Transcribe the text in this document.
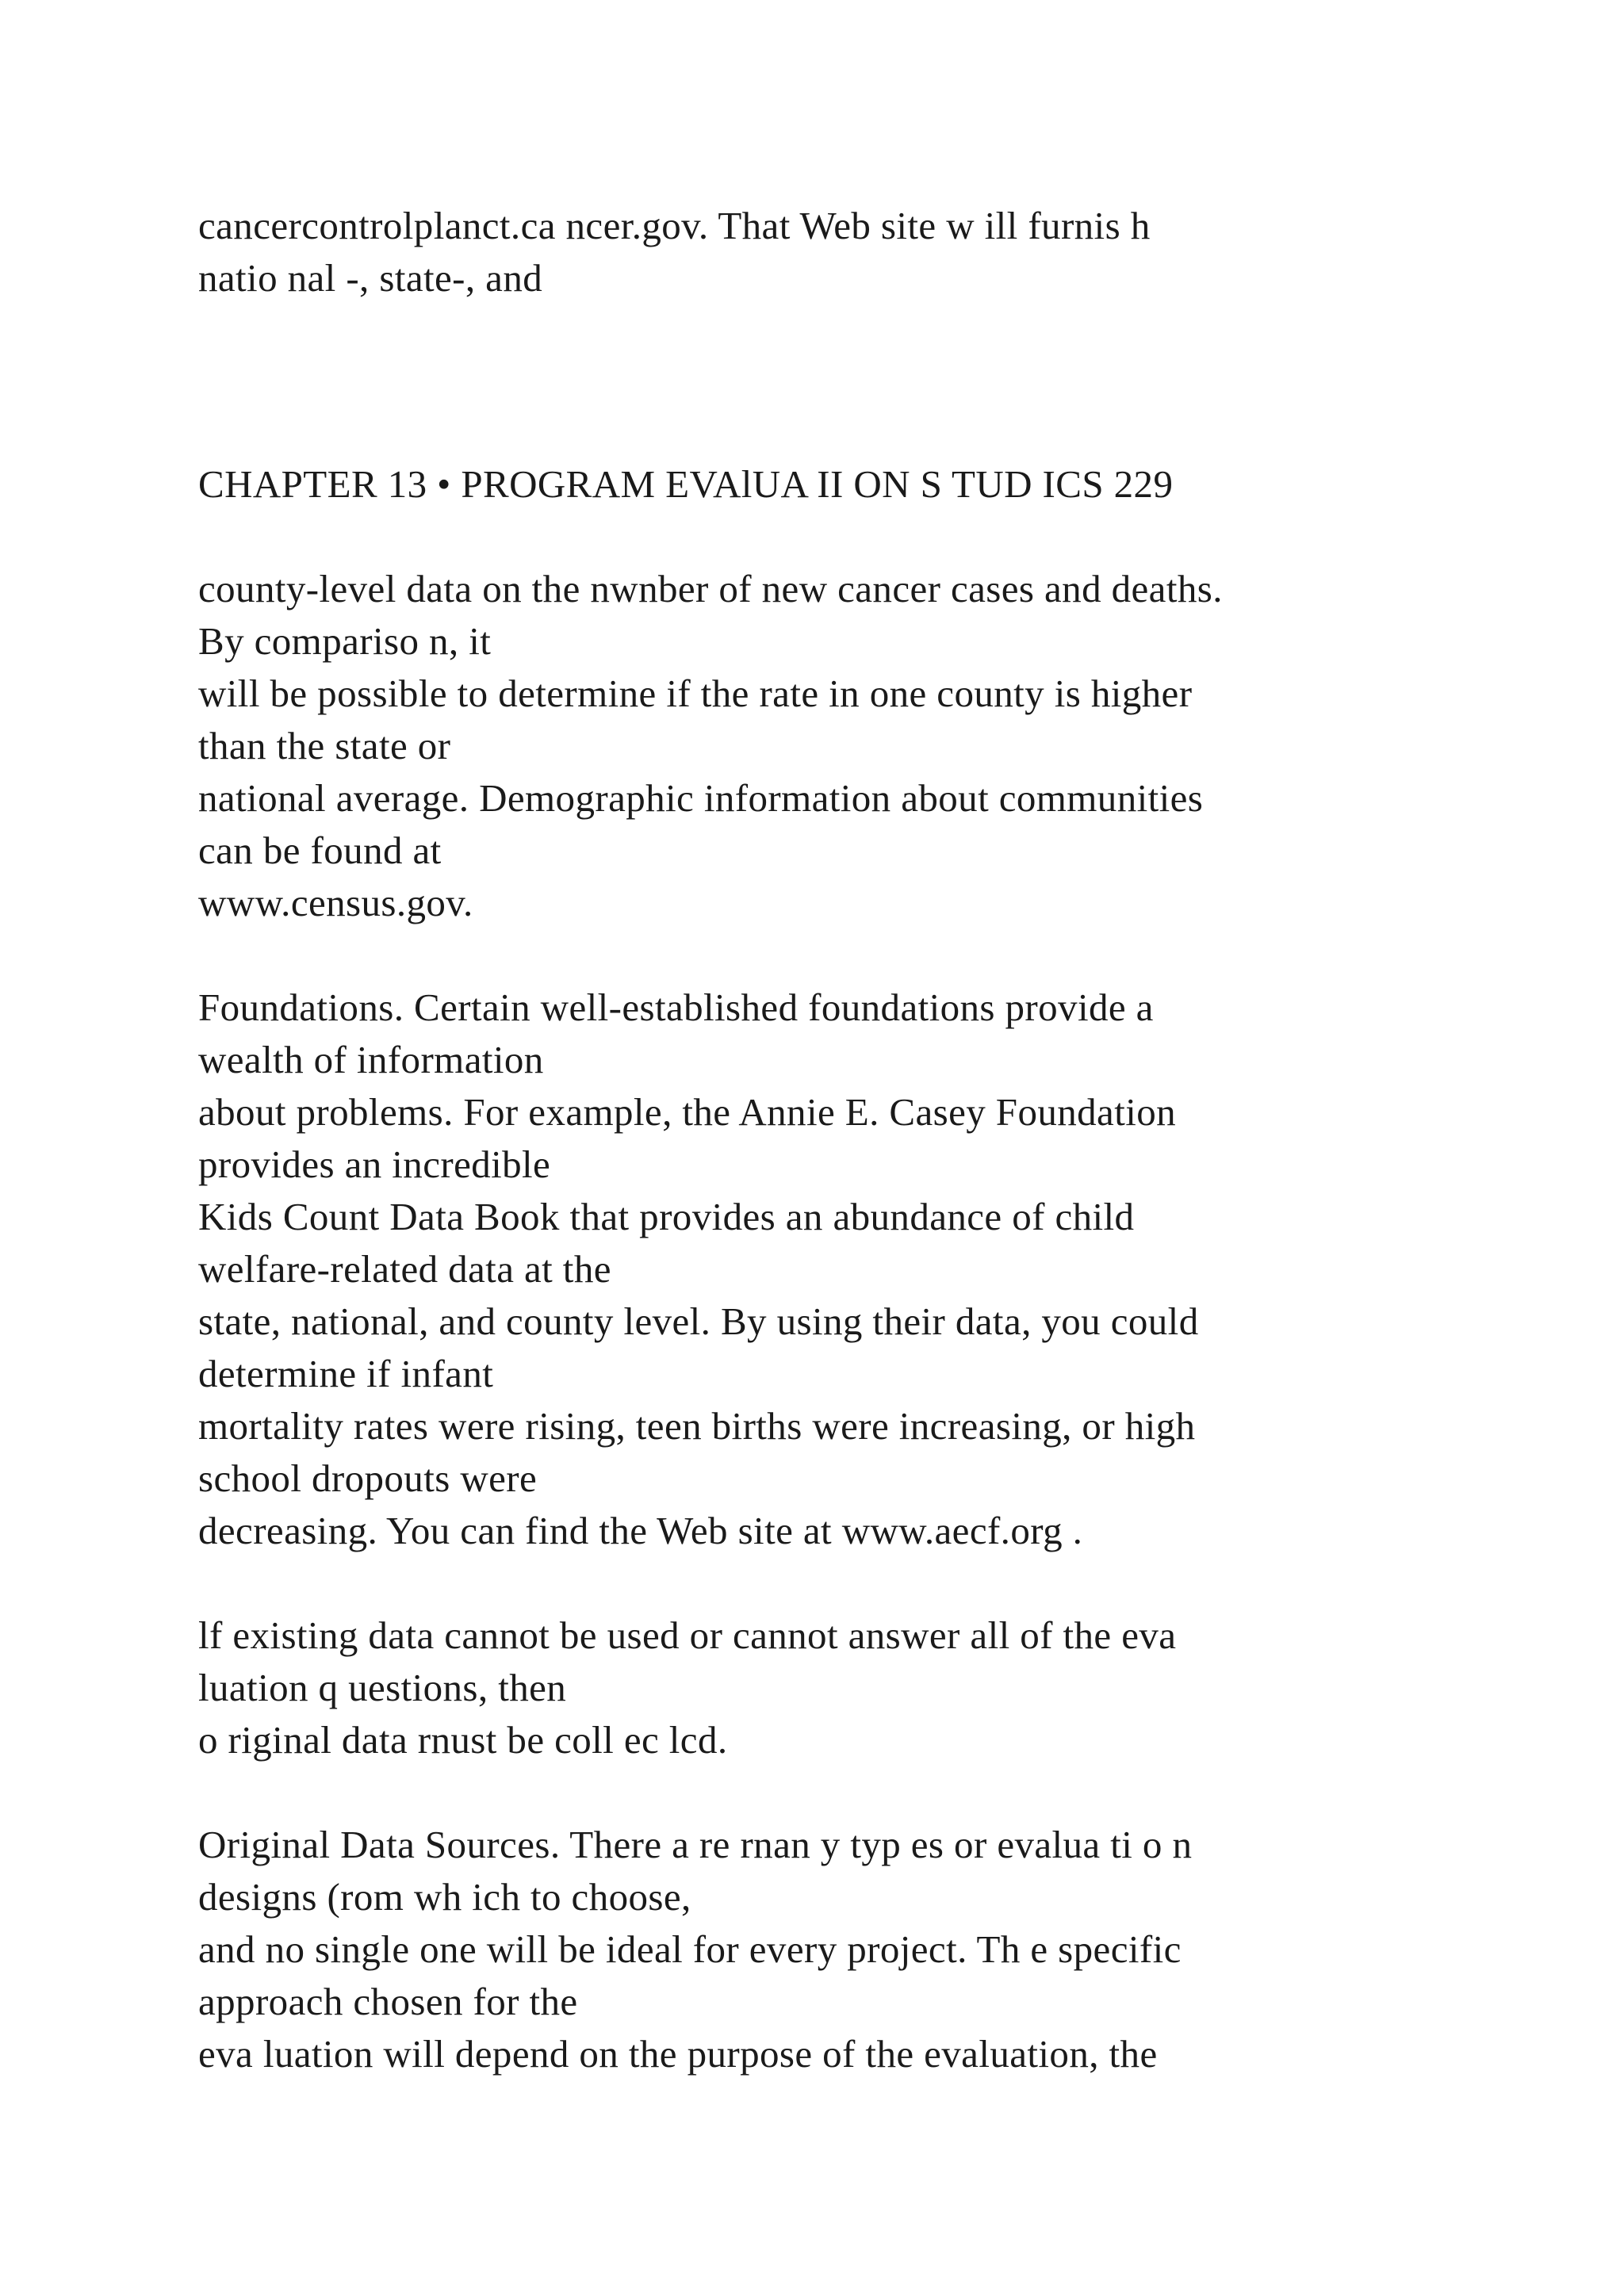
cancercontrolplanct.ca ncer.gov. That Web site w ill furnis h

natio nal -, state-, and

CHAPTER 13 • PROGRAM EVAlUA II ON S TUD ICS 229

county-level data on the nwnber of new cancer cases and deaths.

By compariso n, it

will be possible to determine if the rate in one county is higher

than the state or

national average. Demographic information about communities

can be found at

www.census.gov.

Foundations. Certain well-established foundations provide a

wealth of information

about problems. For example, the Annie E. Casey Foundation

provides an incredible

Kids Count Data Book that provides an abundance of child

welfare-related data at the

state, national, and county level. By using their data, you could

determine if infant

mortality rates were rising, teen births were increasing, or high

school dropouts were

decreasing. You can find the Web site at www.aecf.org .

lf existing data cannot be used or cannot answer all of the eva

luation q uestions, then

o riginal data rnust be coll ec lcd.

Original Data Sources. There a re rnan y typ es or evalua ti o n

designs (rom wh ich to choose,

and no single one will be ideal for every project. Th e specific

approach chosen for the

eva luation will depend on the purpose of the evaluation, the
